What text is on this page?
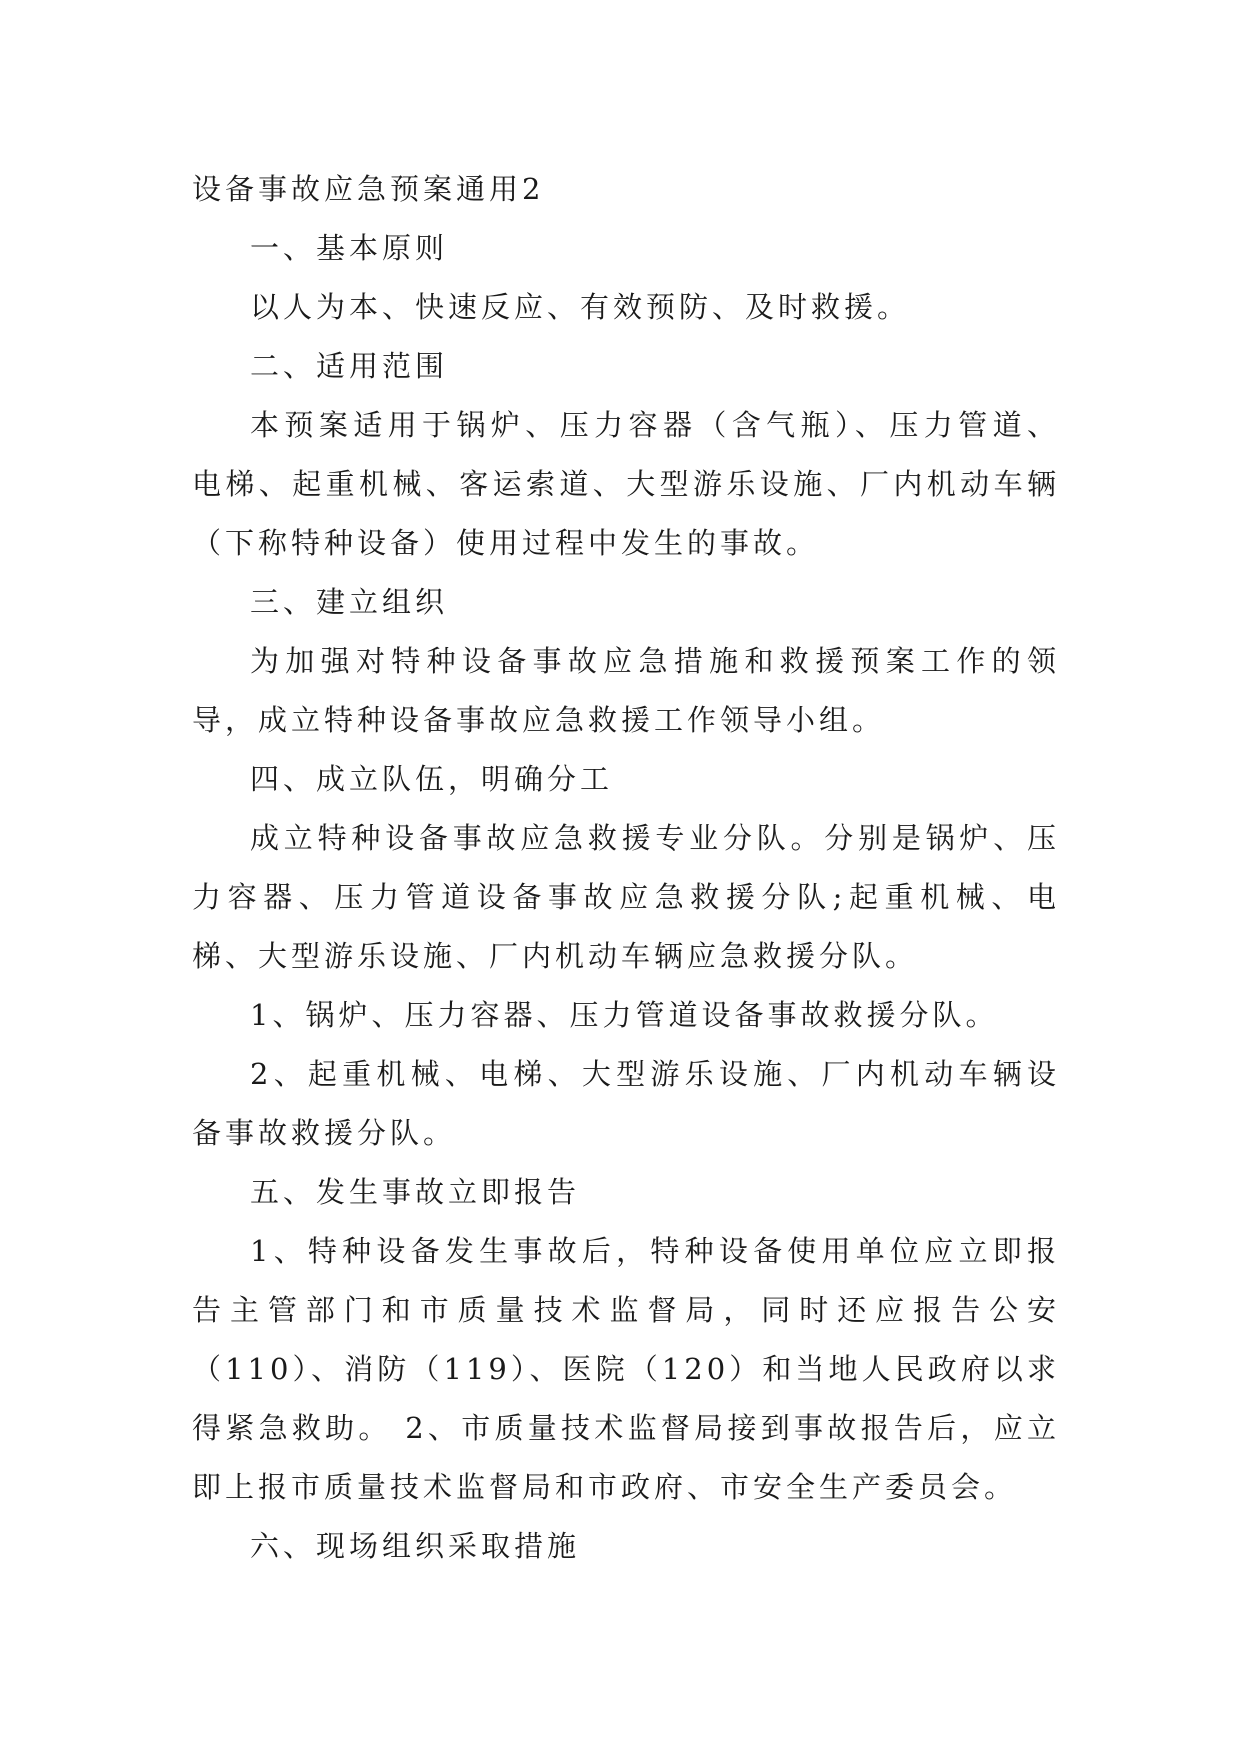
设备事故应急预案通用2

一、基本原则

以人为本、快速反应、有效预防、及时救援。

二、适用范围

本预案适用于锅炉、压力容器（含气瓶）、压力管道、电梯、起重机械、客运索道、大型游乐设施、厂内机动车辆（下称特种设备）使用过程中发生的事故。

三、建立组织

为加强对特种设备事故应急措施和救援预案工作的领导，成立特种设备事故应急救援工作领导小组。

四、成立队伍，明确分工

成立特种设备事故应急救援专业分队。分别是锅炉、压力容器、压力管道设备事故应急救援分队;起重机械、电梯、大型游乐设施、厂内机动车辆应急救援分队。

1、锅炉、压力容器、压力管道设备事故救援分队。

2、起重机械、电梯、大型游乐设施、厂内机动车辆设备事故救援分队。

五、发生事故立即报告

1、特种设备发生事故后，特种设备使用单位应立即报告主管部门和市质量技术监督局，同时还应报告公安（110）、消防（119）、医院（120）和当地人民政府以求得紧急救助。 2、市质量技术监督局接到事故报告后，应立即上报市质量技术监督局和市政府、市安全生产委员会。

六、现场组织采取措施
